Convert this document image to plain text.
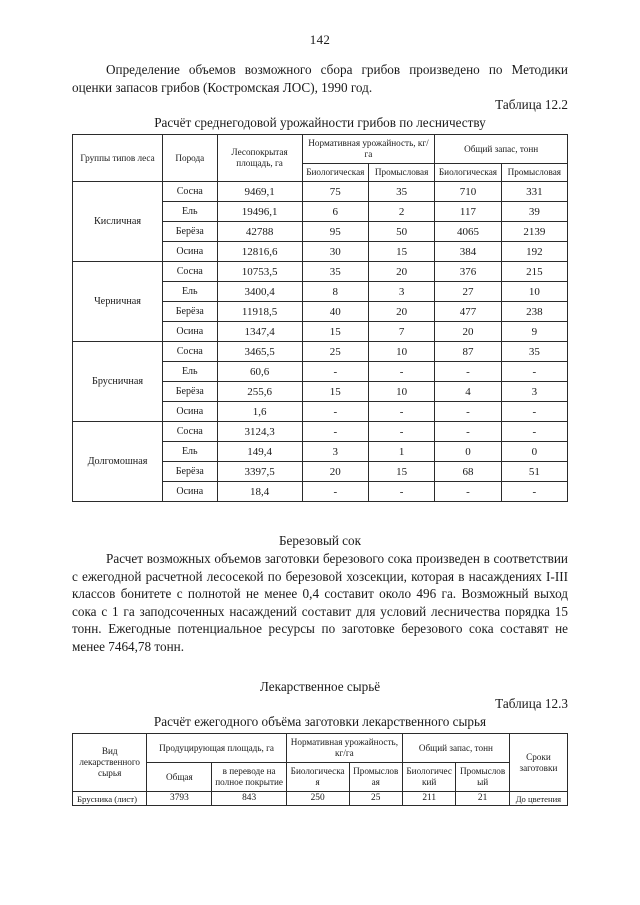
142

Определение объемов возможного сбора грибов произведено по Методики оценки запасов грибов (Костромская ЛОС), 1990 год.

Таблица 12.2

Расчёт среднегодовой урожайности грибов по лесничеству

Группы типов леса	Порода	Лесопокрытая площадь, га	Нормативная урожайность, кг/га		Общий запас, тонн	
			Биологическая	Промысловая	Биологическая	Промысловая
Кисличная	Сосна	9469,1	75	35	710	331
	Ель	19496,1	6	2	117	39
	Берёза	42788	95	50	4065	2139
	Осина	12816,6	30	15	384	192
Черничная	Сосна	10753,5	35	20	376	215
	Ель	3400,4	8	3	27	10
	Берёза	11918,5	40	20	477	238
	Осина	1347,4	15	7	20	9
Брусничная	Сосна	3465,5	25	10	87	35
	Ель	60,6	-	-	-	-
	Берёза	255,6	15	10	4	3
	Осина	1,6	-	-	-	-
Долгомошная	Сосна	3124,3	-	-	-	-
	Ель	149,4	3	1	0	0
	Берёза	3397,5	20	15	68	51
	Осина	18,4	-	-	-	-

Березовый сок

Расчет возможных объемов заготовки березового сока произведен в соответствии с ежегодной расчетной лесосекой по березовой хозсекции, которая в насаждениях I-III классов бонитете с полнотой не менее 0,4 составит около 496 га. Возможный выход сока с 1 га заподсоченных насаждений составит для условий лесничества порядка 15 тонн. Ежегодные потенциальное ресурсы по заготовке березового сока составят не менее 7464,78 тонн.

Лекарственное сырьё

Таблица 12.3

Расчёт ежегодного объёма заготовки лекарственного сырья

Вид лекарственного сырья	Продуцирующая площадь, га		Нормативная урожайность, кг/га		Общий запас, тонн		Сроки заготовки
	Общая	в переводе на полное покрытие	Биологическая	Промысловая	Биологический	Промысловый	
Брусника (лист)	3793	843	250	25	211	21	До цветения
